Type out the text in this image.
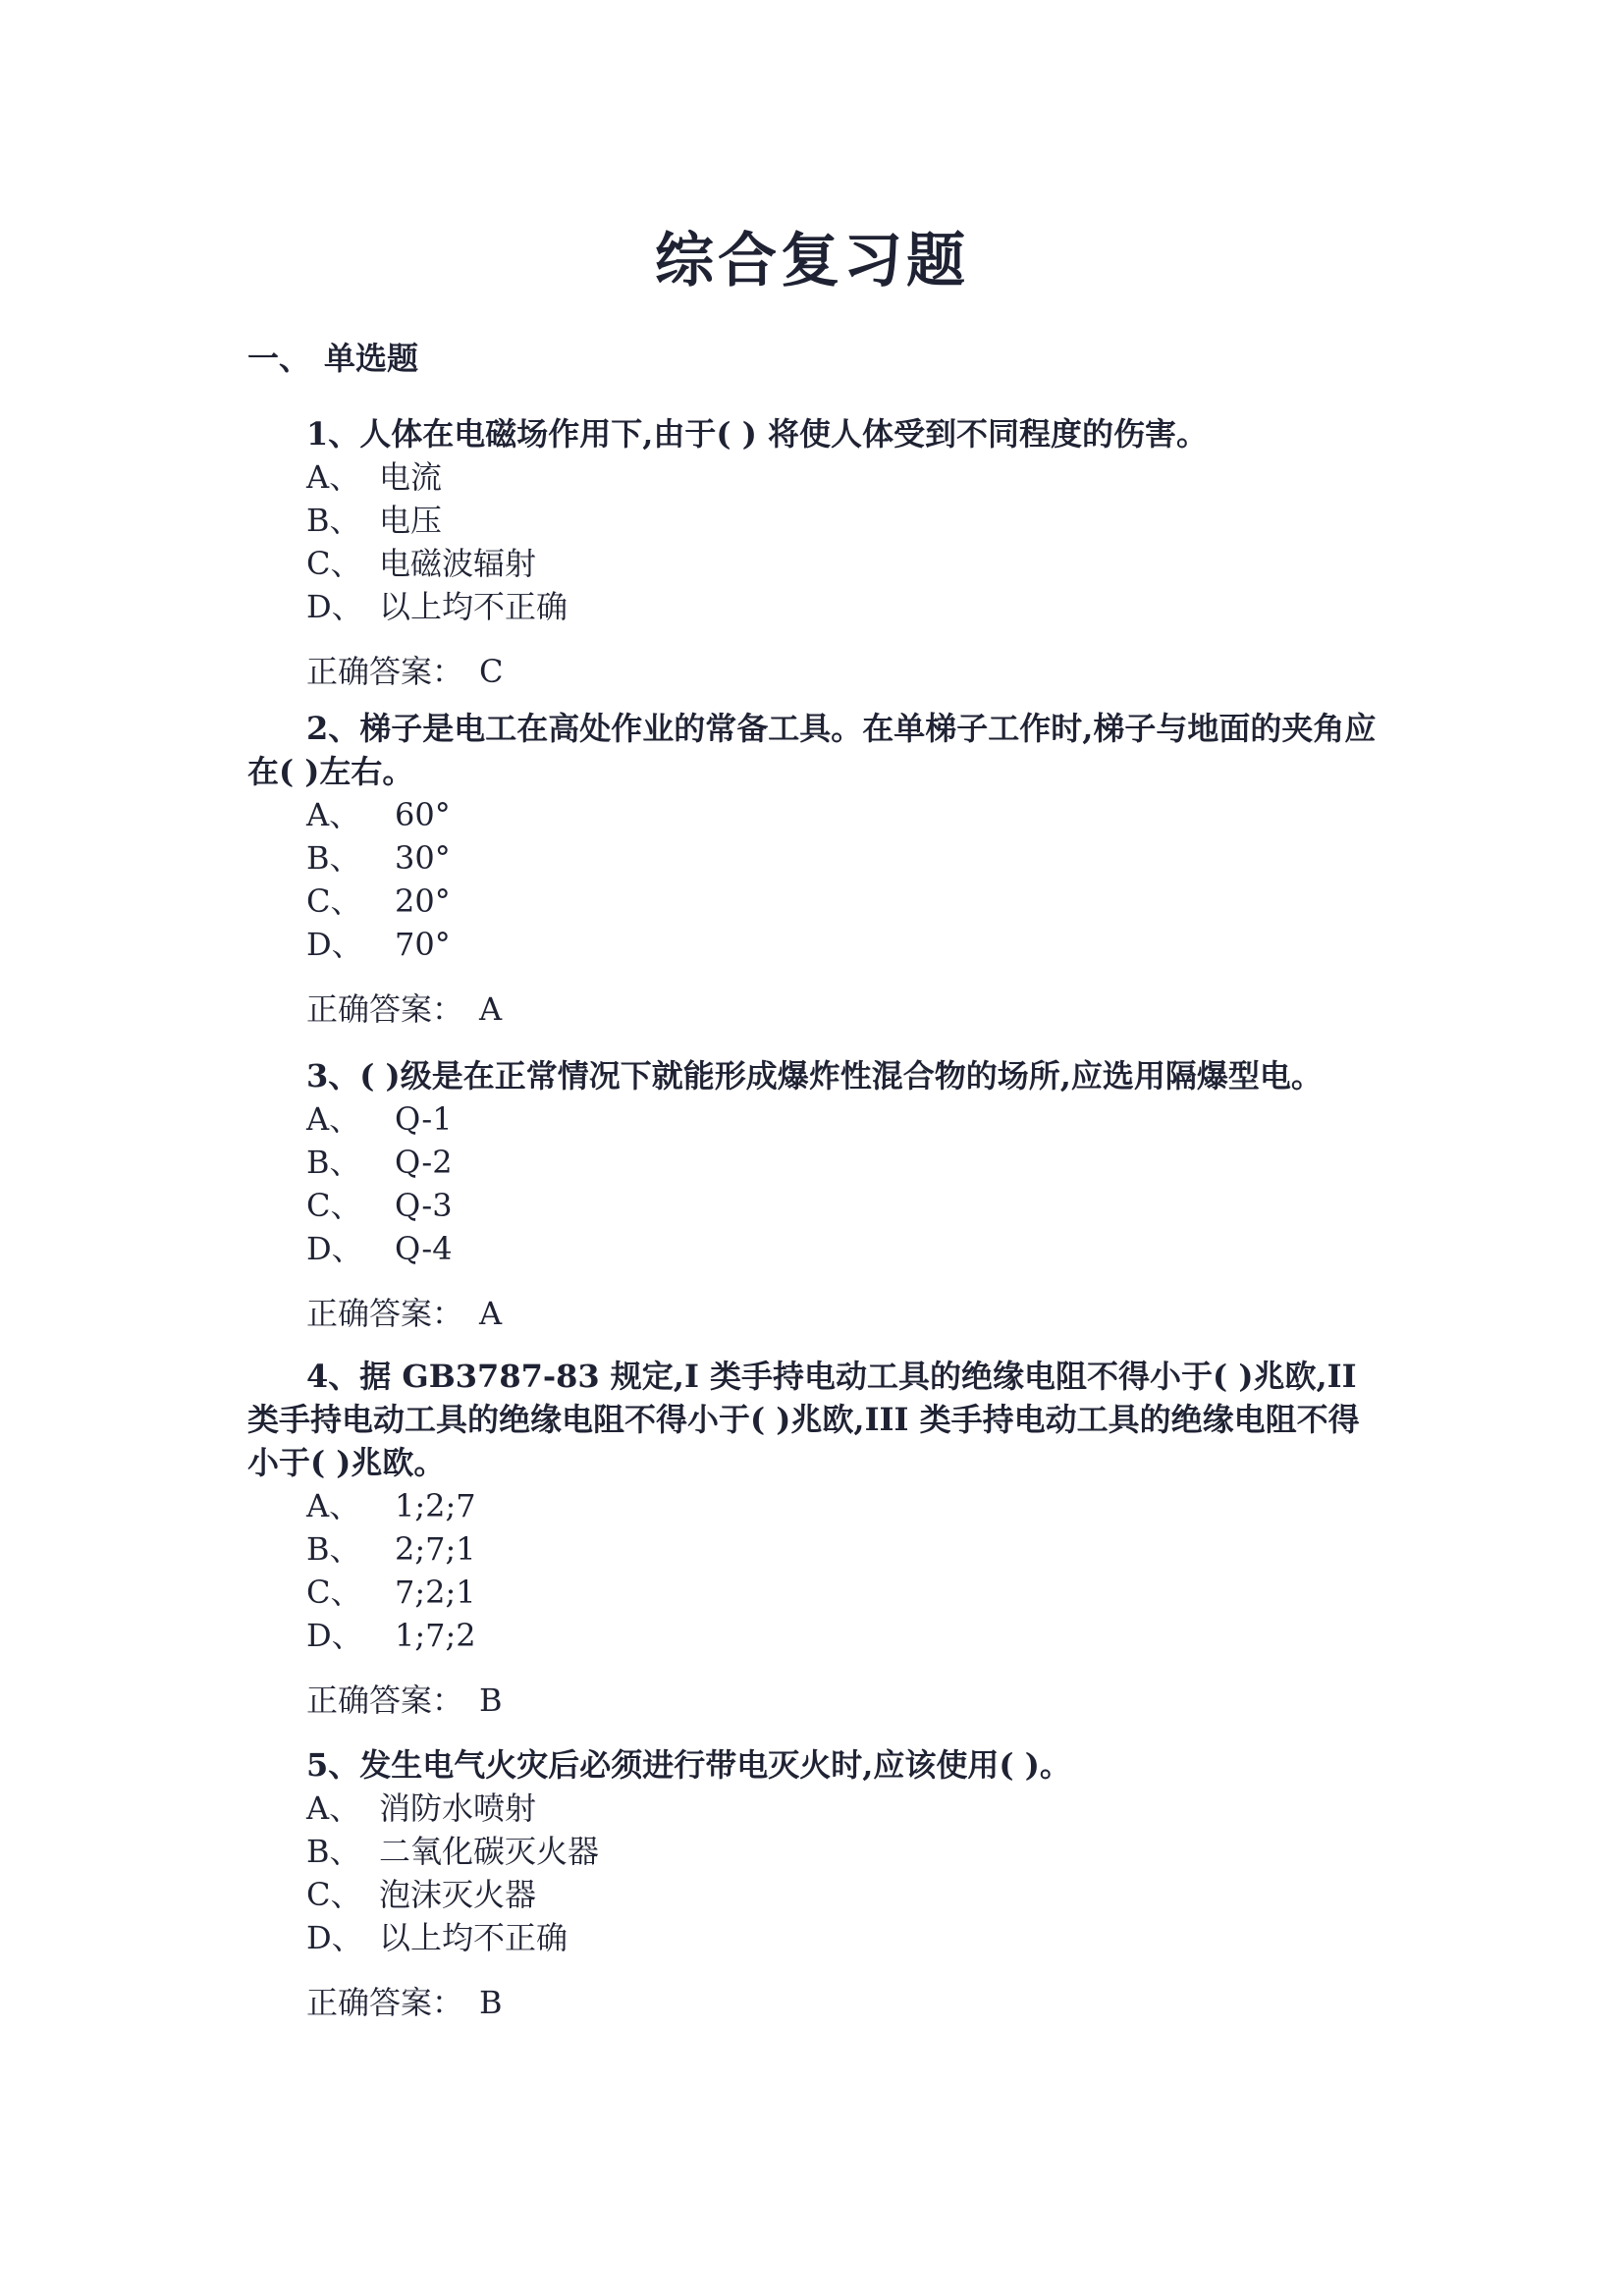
综合复习题
一、 单选题

1、人体在电磁场作用下,由于( ) 将使人体受到不同程度的伤害。

A、 电流
B、 电压
C、 电磁波辐射
D、 以上均不正确
正确答案： C

2、梯子是电工在高处作业的常备工具。在单梯子工作时,梯子与地面的夹角应在( )左右。

A、 60°
B、 30°
C、 20°
D、 70°
正确答案： A

3、( )级是在正常情况下就能形成爆炸性混合物的场所,应选用隔爆型电。

A、 Q-1
B、 Q-2
C、 Q-3
D、 Q-4
正确答案： A

4、据 GB3787-83 规定,I 类手持电动工具的绝缘电阻不得小于( )兆欧,II 类手持电动工具的绝缘电阻不得小于( )兆欧,III 类手持电动工具的绝缘电阻不得小于( )兆欧。

A、 1;2;7
B、 2;7;1
C、 7;2;1
D、 1;7;2
正确答案： B

5、发生电气火灾后必须进行带电灭火时,应该使用( )。

A、 消防水喷射
B、 二氧化碳灭火器
C、 泡沫灭火器
D、 以上均不正确
正确答案： B
